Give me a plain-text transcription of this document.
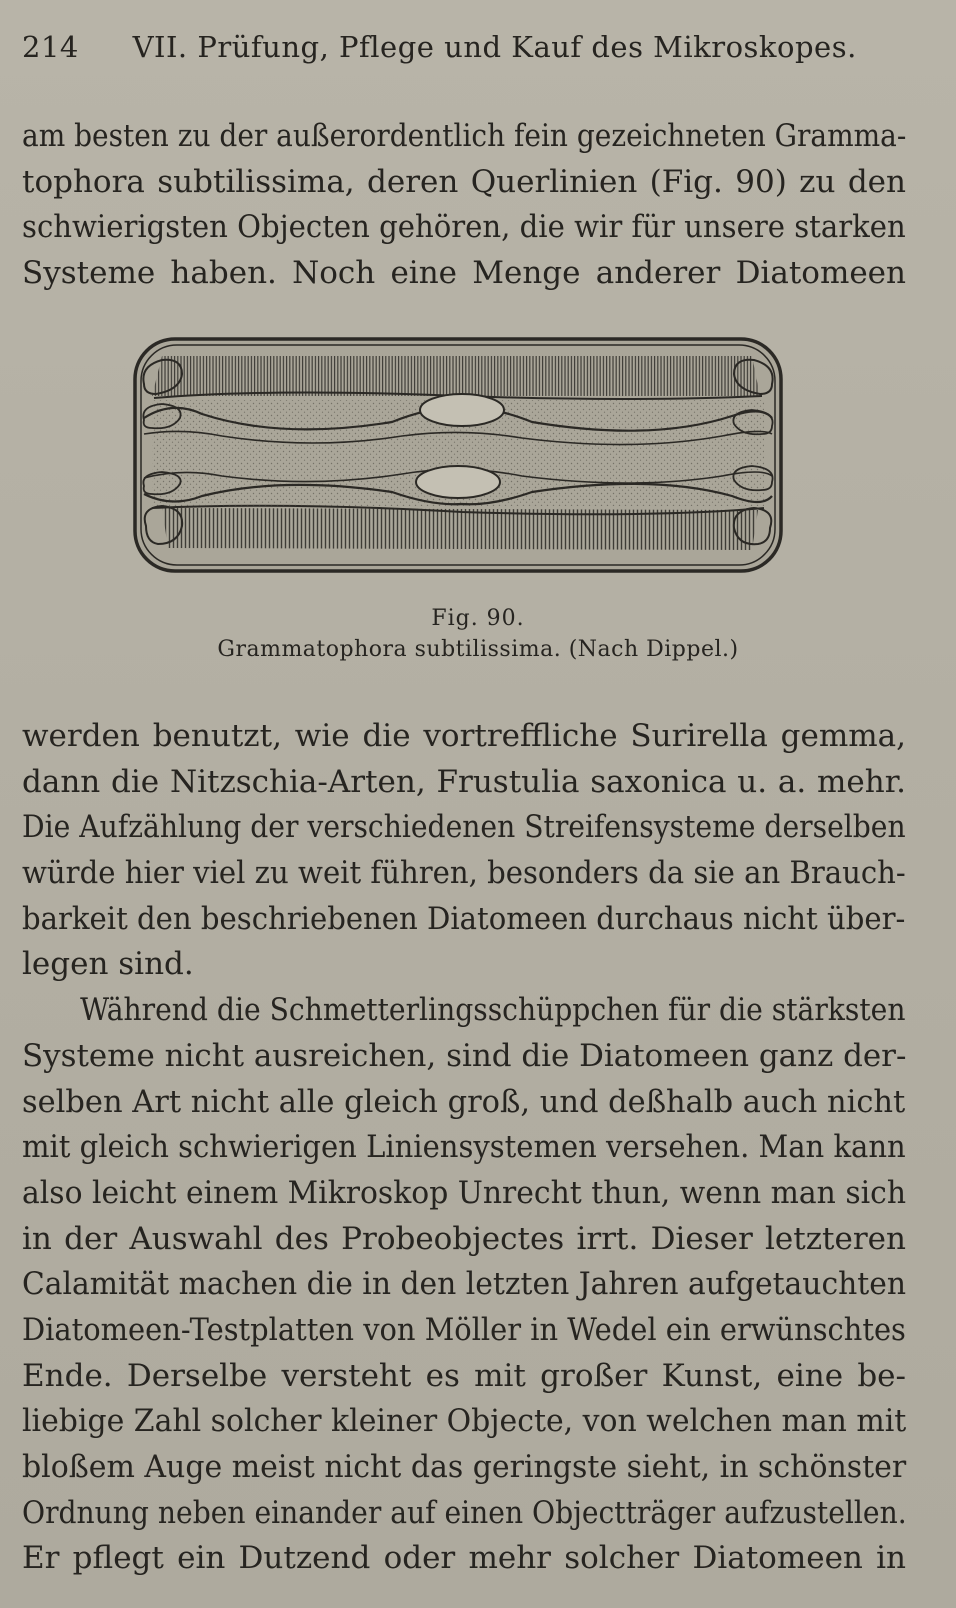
214 VII. Prüfung, Pflege und Kauf des Mikroskopes.
am besten zu der außerordentlich fein gezeichneten Gramma-
tophora subtilissima, deren Querlinien (Fig. 90) zu den
schwierigsten Objecten gehören, die wir für unsere starken
Systeme haben. Noch eine Menge anderer Diatomeen
Fig. 90.
Grammatophora subtilissima. (Nach Dippel.)
werden benutzt, wie die vortreffliche Surirella gemma,
dann die Nitzschia-Arten, Frustulia saxonica u. a. mehr.
Die Aufzählung der verschiedenen Streifensysteme derselben
würde hier viel zu weit führen, besonders da sie an Brauch-
barkeit den beschriebenen Diatomeen durchaus nicht über-
legen sind.
Während die Schmetterlingsschüppchen für die stärksten
Systeme nicht ausreichen, sind die Diatomeen ganz der-
selben Art nicht alle gleich groß, und deßhalb auch nicht
mit gleich schwierigen Liniensystemen versehen. Man kann
also leicht einem Mikroskop Unrecht thun, wenn man sich
in der Auswahl des Probeobjectes irrt. Dieser letzteren
Calamität machen die in den letzten Jahren aufgetauchten
Diatomeen-Testplatten von Möller in Wedel ein erwünschtes
Ende. Derselbe versteht es mit großer Kunst, eine be-
liebige Zahl solcher kleiner Objecte, von welchen man mit
bloßem Auge meist nicht das geringste sieht, in schönster
Ordnung neben einander auf einen Objectträger aufzustellen.
Er pflegt ein Dutzend oder mehr solcher Diatomeen in
